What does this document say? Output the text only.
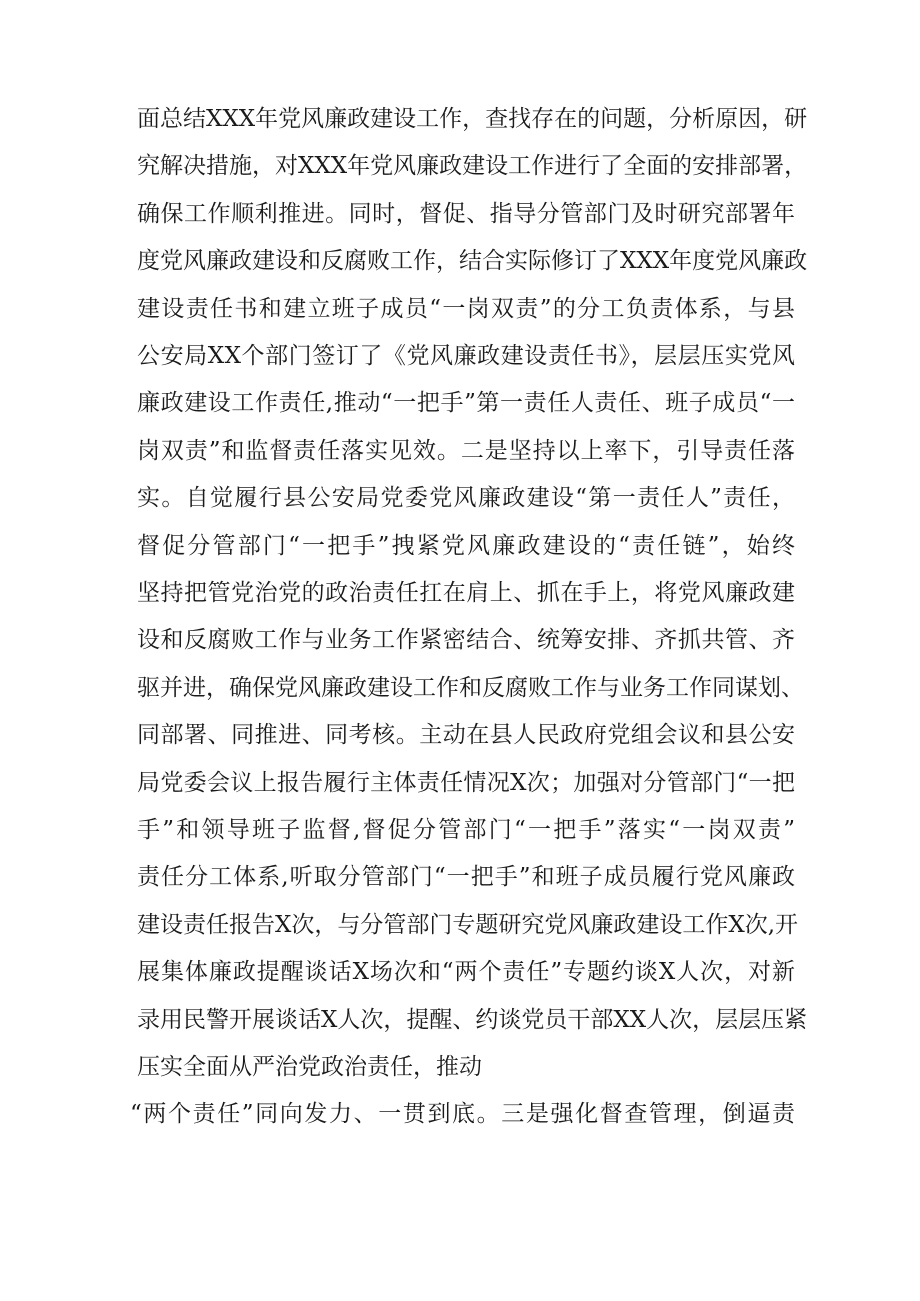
面总结XXX年党风廉政建设工作，查找存在的问题，分析原因，研
究解决措施，对XXX年党风廉政建设工作进行了全面的安排部署，
确保工作顺利推进。同时，督促、指导分管部门及时研究部署年
度党风廉政建设和反腐败工作，结合实际修订了XXX年度党风廉政
建设责任书和建立班子成员“一岗双责”的分工负责体系，与县
公安局XX个部门签订了《党风廉政建设责任书》，层层压实党风
廉政建设工作责任,推动“一把手”第一责任人责任、班子成员“一
岗双责”和监督责任落实见效。二是坚持以上率下，引导责任落
实。自觉履行县公安局党委党风廉政建设“第一责任人”责任，
督促分管部门“一把手”拽紧党风廉政建设的“责任链”，始终
坚持把管党治党的政治责任扛在肩上、抓在手上，将党风廉政建
设和反腐败工作与业务工作紧密结合、统筹安排、齐抓共管、齐
驱并进，确保党风廉政建设工作和反腐败工作与业务工作同谋划、
同部署、同推进、同考核。主动在县人民政府党组会议和县公安
局党委会议上报告履行主体责任情况X次；加强对分管部门“一把
手”和领导班子监督,督促分管部门“一把手”落实“一岗双责”
责任分工体系,听取分管部门“一把手”和班子成员履行党风廉政
建设责任报告X次，与分管部门专题研究党风廉政建设工作X次,开
展集体廉政提醒谈话X场次和“两个责任”专题约谈X人次，对新
录用民警开展谈话X人次，提醒、约谈党员干部XX人次，层层压紧
压实全面从严治党政治责任，推动
“两个责任”同向发力、一贯到底。三是强化督查管理，倒逼责
